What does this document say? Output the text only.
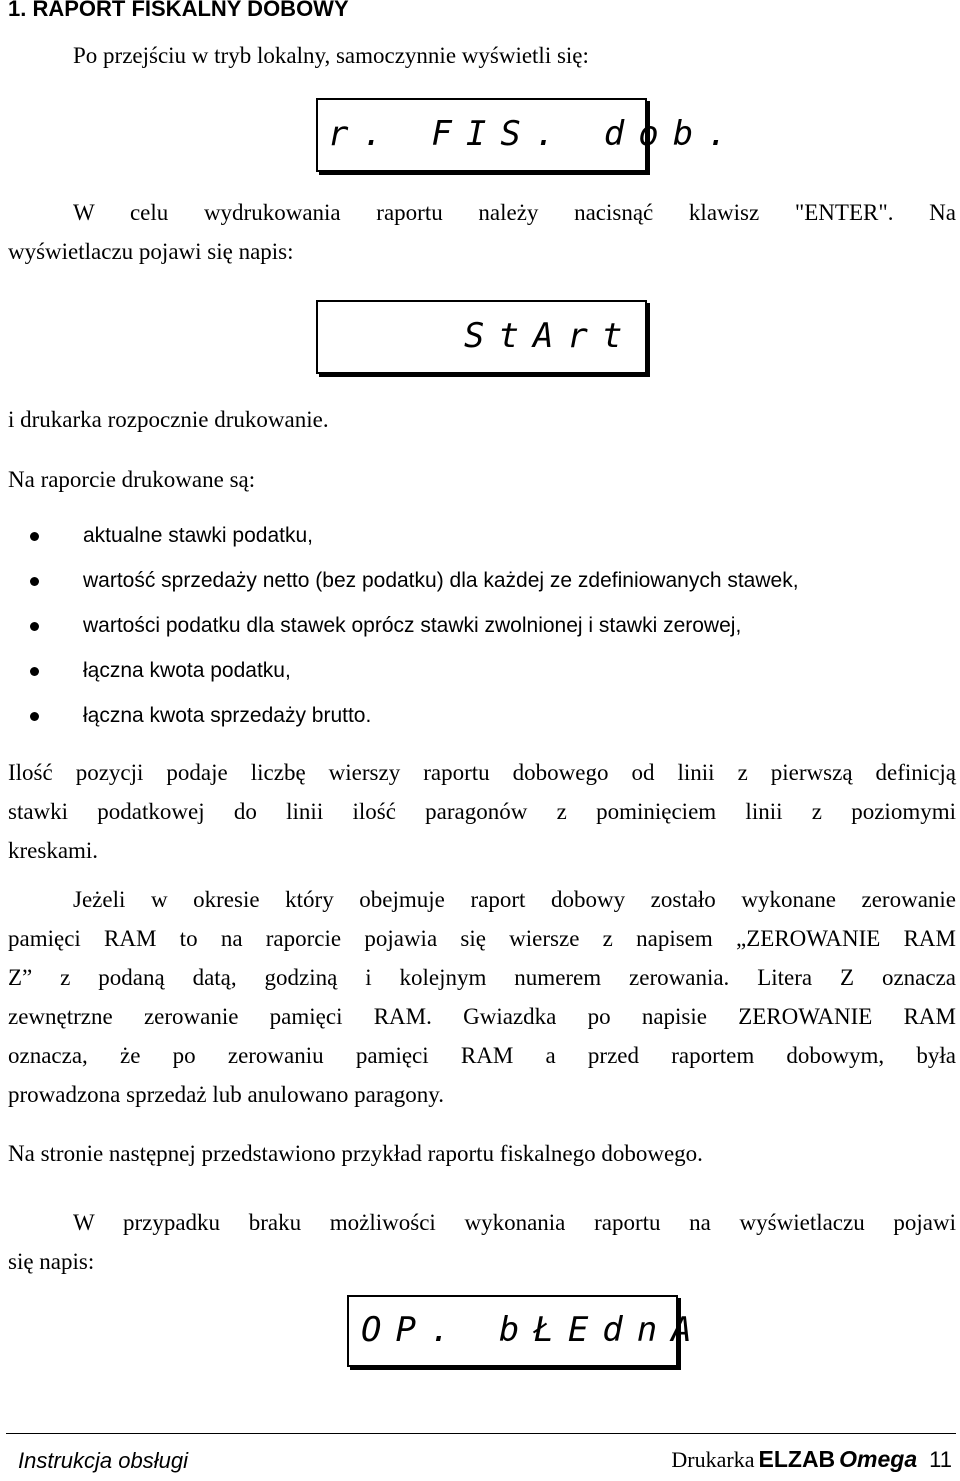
1. RAPORT FISKALNY DOBOWY
Po przejściu w tryb lokalny, samoczynnie wyświetli się:
r. FIS. dob.
W celu wydrukowania raportu należy nacisnąć klawisz "ENTER". Na
wyświetlaczu pojawi się napis:
StArt
i drukarka rozpocznie drukowanie.
Na raporcie drukowane są:
aktualne stawki podatku,
wartość sprzedaży netto (bez podatku) dla każdej ze zdefiniowanych stawek,
wartości podatku dla stawek oprócz stawki zwolnionej i stawki zerowej,
łączna kwota podatku,
łączna kwota sprzedaży brutto.
Ilość pozycji podaje liczbę wierszy raportu dobowego od linii z pierwszą definicją
stawki podatkowej do linii ilość paragonów z pominięciem linii z poziomymi
kreskami.
Jeżeli w okresie który obejmuje raport dobowy zostało wykonane zerowanie
pamięci RAM to na raporcie pojawia się wiersze z napisem „ZEROWANIE RAM
Z” z podaną datą, godziną i kolejnym numerem zerowania. Litera Z oznacza
zewnętrzne zerowanie pamięci RAM. Gwiazdka po napisie ZEROWANIE RAM
oznacza, że po zerowaniu pamięci RAM a przed raportem dobowym, była
prowadzona sprzedaż lub anulowano paragony.
Na stronie następnej przedstawiono przykład raportu fiskalnego dobowego.
W przypadku braku możliwości wykonania raportu na wyświetlaczu pojawi
się napis:
OP. bŁEdnA
Instrukcja obsługi	Drukarka ELZAB Omega 11
